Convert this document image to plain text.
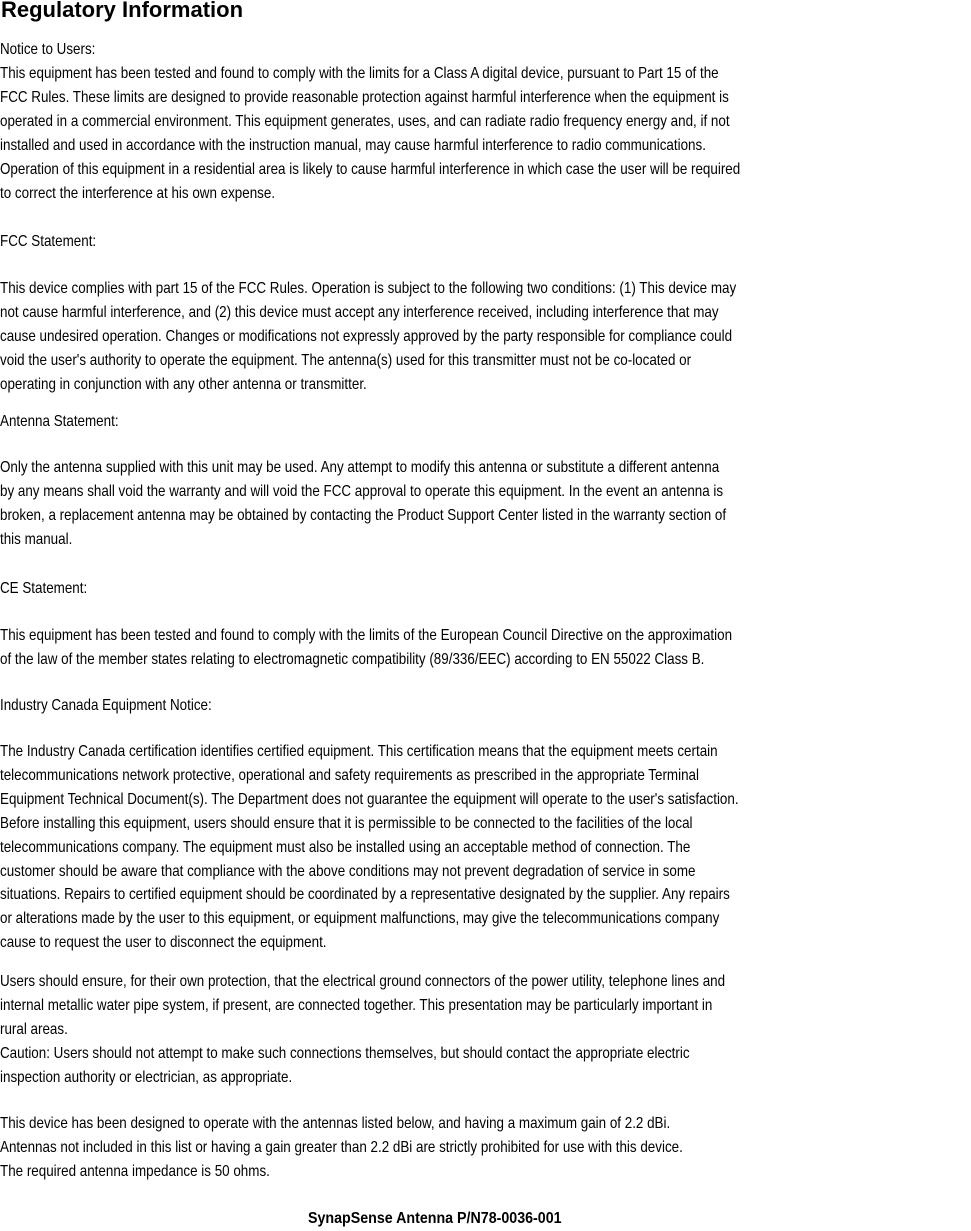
Regulatory Information

Notice to Users:

This equipment has been tested and found to comply with the limits for a Class A digital device, pursuant to Part 15 of the
FCC Rules. These limits are designed to provide reasonable protection against harmful interference when the equipment is
operated in a commercial environment. This equipment generates, uses, and can radiate radio frequency energy and, if not
installed and used in accordance with the instruction manual, may cause harmful interference to radio communications.
Operation of this equipment in a residential area is likely to cause harmful interference in which case the user will be required
to correct the interference at his own expense.

FCC Statement:

This device complies with part 15 of the FCC Rules. Operation is subject to the following two conditions: (1) This device may
not cause harmful interference, and (2) this device must accept any interference received, including interference that may
cause undesired operation. Changes or modifications not expressly approved by the party responsible for compliance could
void the user's authority to operate the equipment. The antenna(s) used for this transmitter must not be co-located or
operating in conjunction with any other antenna or transmitter.

Antenna Statement:

Only the antenna supplied with this unit may be used. Any attempt to modify this antenna or substitute a different antenna
by any means shall void the warranty and will void the FCC approval to operate this equipment. In the event an antenna is
broken, a replacement antenna may be obtained by contacting the Product Support Center listed in the warranty section of
this manual.

CE Statement:

This equipment has been tested and found to comply with the limits of the European Council Directive on the approximation
of the law of the member states relating to electromagnetic compatibility (89/336/EEC) according to EN 55022 Class B.

Industry Canada Equipment Notice:

The Industry Canada certification identifies certified equipment. This certification means that the equipment meets certain
telecommunications network protective, operational and safety requirements as prescribed in the appropriate Terminal
Equipment Technical Document(s). The Department does not guarantee the equipment will operate to the user's satisfaction.
Before installing this equipment, users should ensure that it is permissible to be connected to the facilities of the local
telecommunications company. The equipment must also be installed using an acceptable method of connection. The
customer should be aware that compliance with the above conditions may not prevent degradation of service in some
situations. Repairs to certified equipment should be coordinated by a representative designated by the supplier. Any repairs
or alterations made by the user to this equipment, or equipment malfunctions, may give the telecommunications company
cause to request the user to disconnect the equipment.
Users should ensure, for their own protection, that the electrical ground connectors of the power utility, telephone lines and
internal metallic water pipe system, if present, are connected together. This presentation may be particularly important in
rural areas.
Caution: Users should not attempt to make such connections themselves, but should contact the appropriate electric
inspection authority or electrician, as appropriate.
This device has been designed to operate with the antennas listed below, and having a maximum gain of 2.2 dBi.
Antennas not included in this list or having a gain greater than 2.2 dBi are strictly prohibited for use with this device.
The required antenna impedance is 50 ohms.

SynapSense Antenna P/N78-0036-001
